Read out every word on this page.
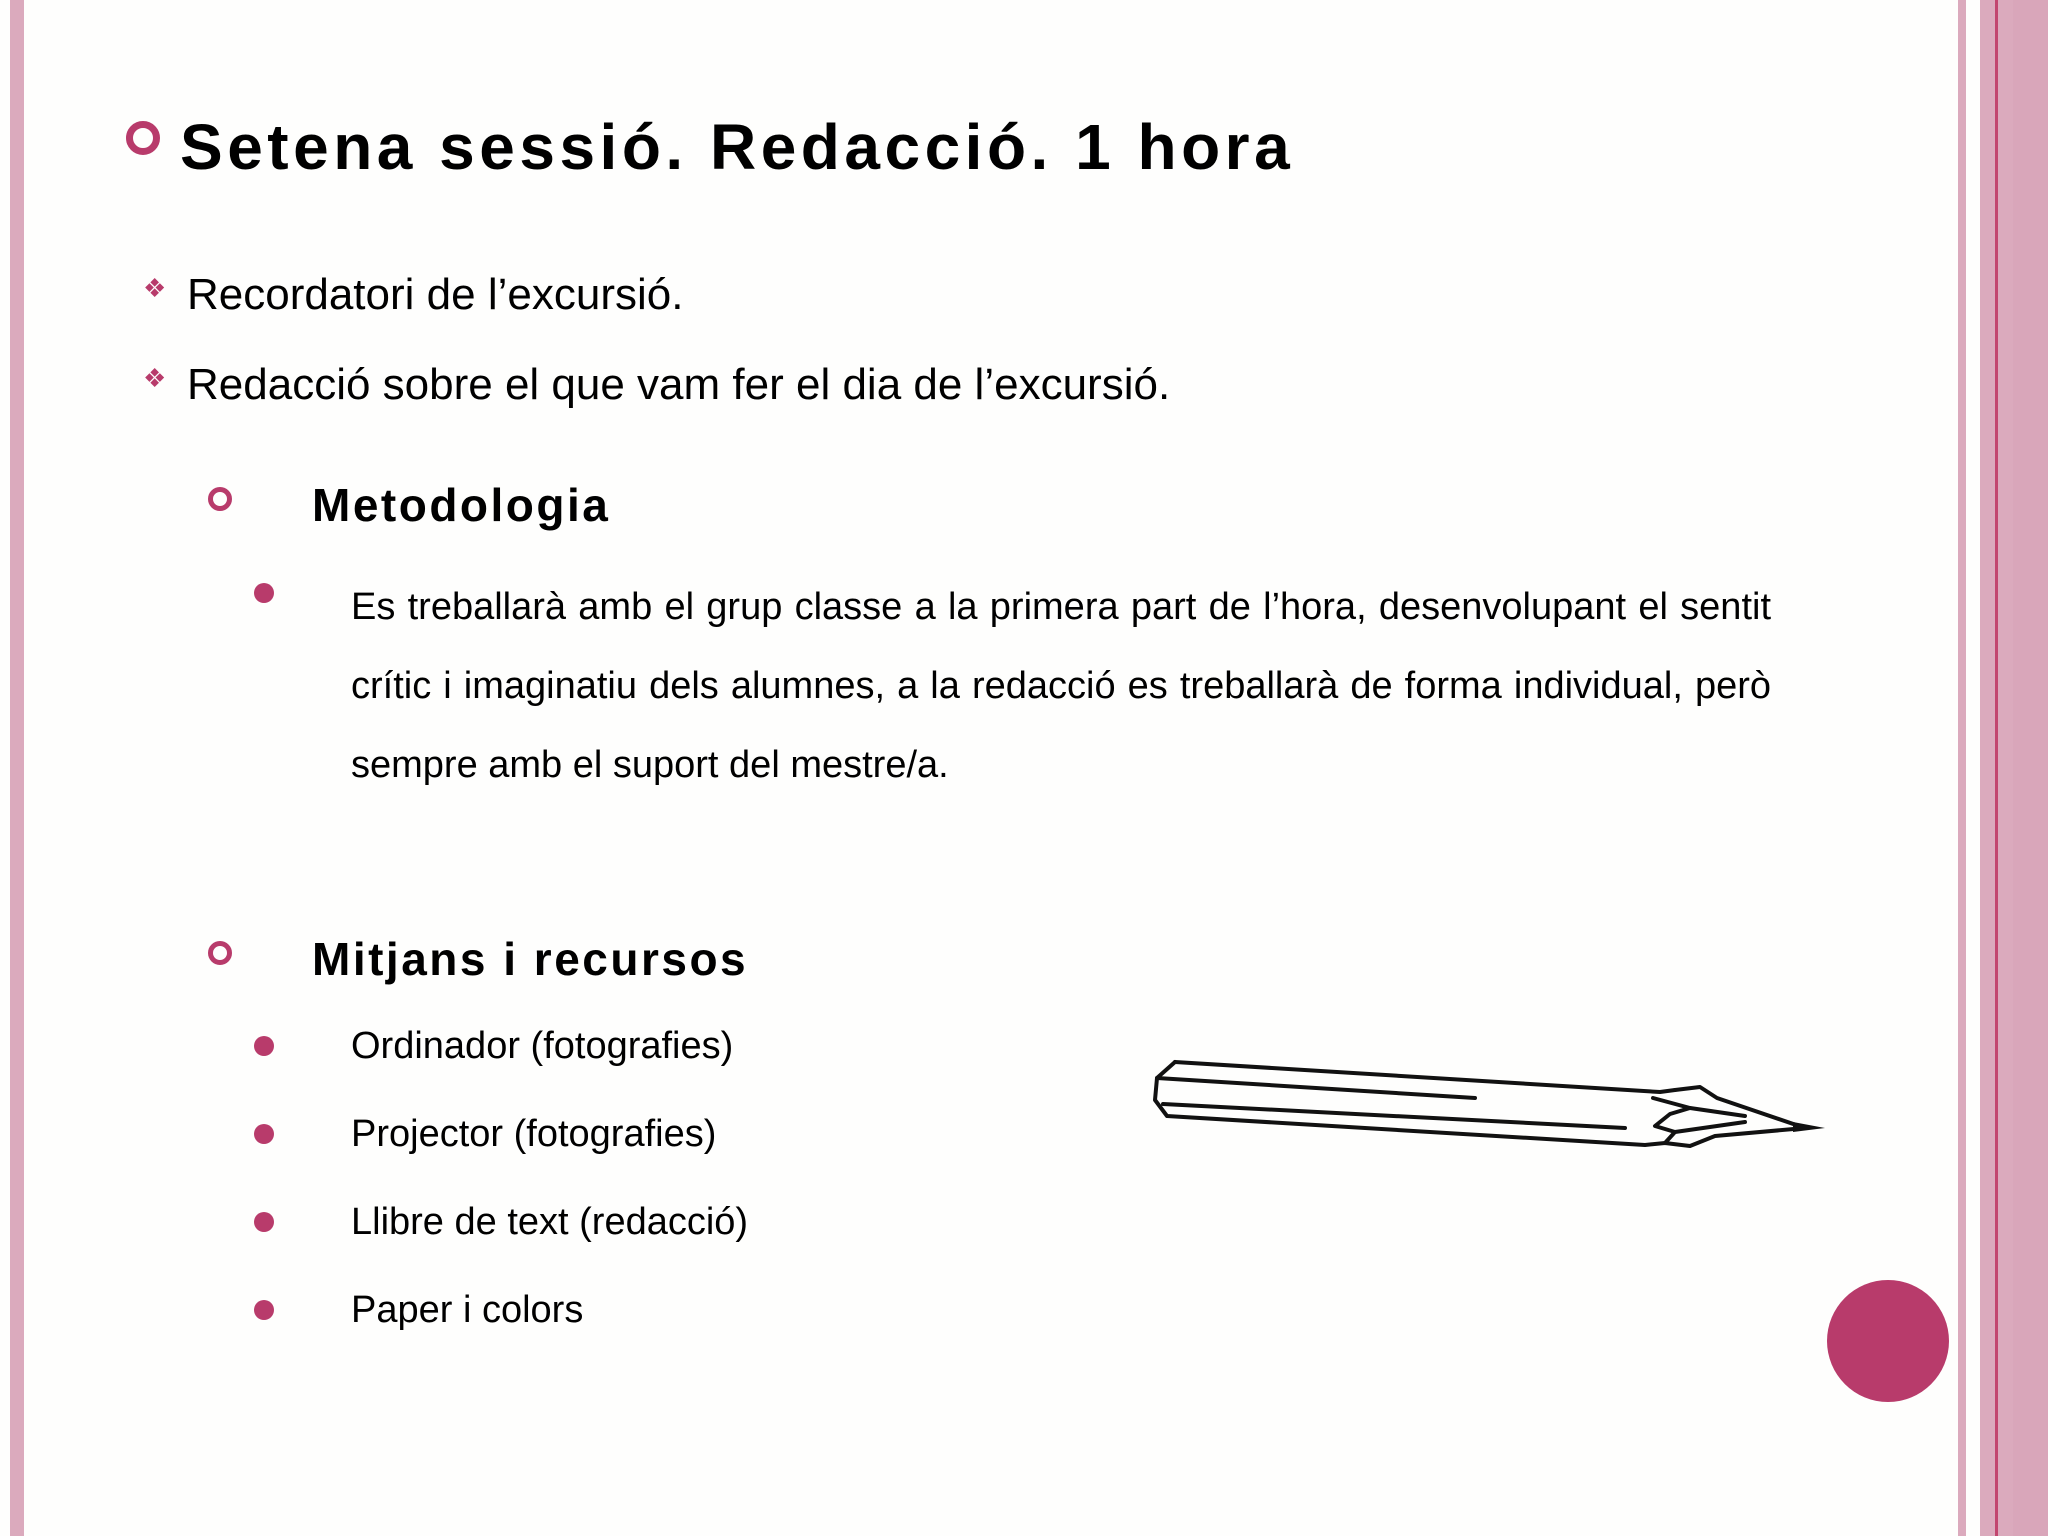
Setena sessió. Redacció. 1 hora
❖ Recordatori de l’excursió.
❖ Redacció sobre el que vam fer el dia de l’excursió.
Metodologia
Es treballarà amb el grup classe a la primera part de l’hora, desenvolupant el sentit crític i imaginatiu dels alumnes, a la redacció es treballarà de forma individual, però sempre amb el suport del mestre/a.
Mitjans i recursos
Ordinador (fotografies)
Projector (fotografies)
Llibre de text (redacció)
Paper i colors
